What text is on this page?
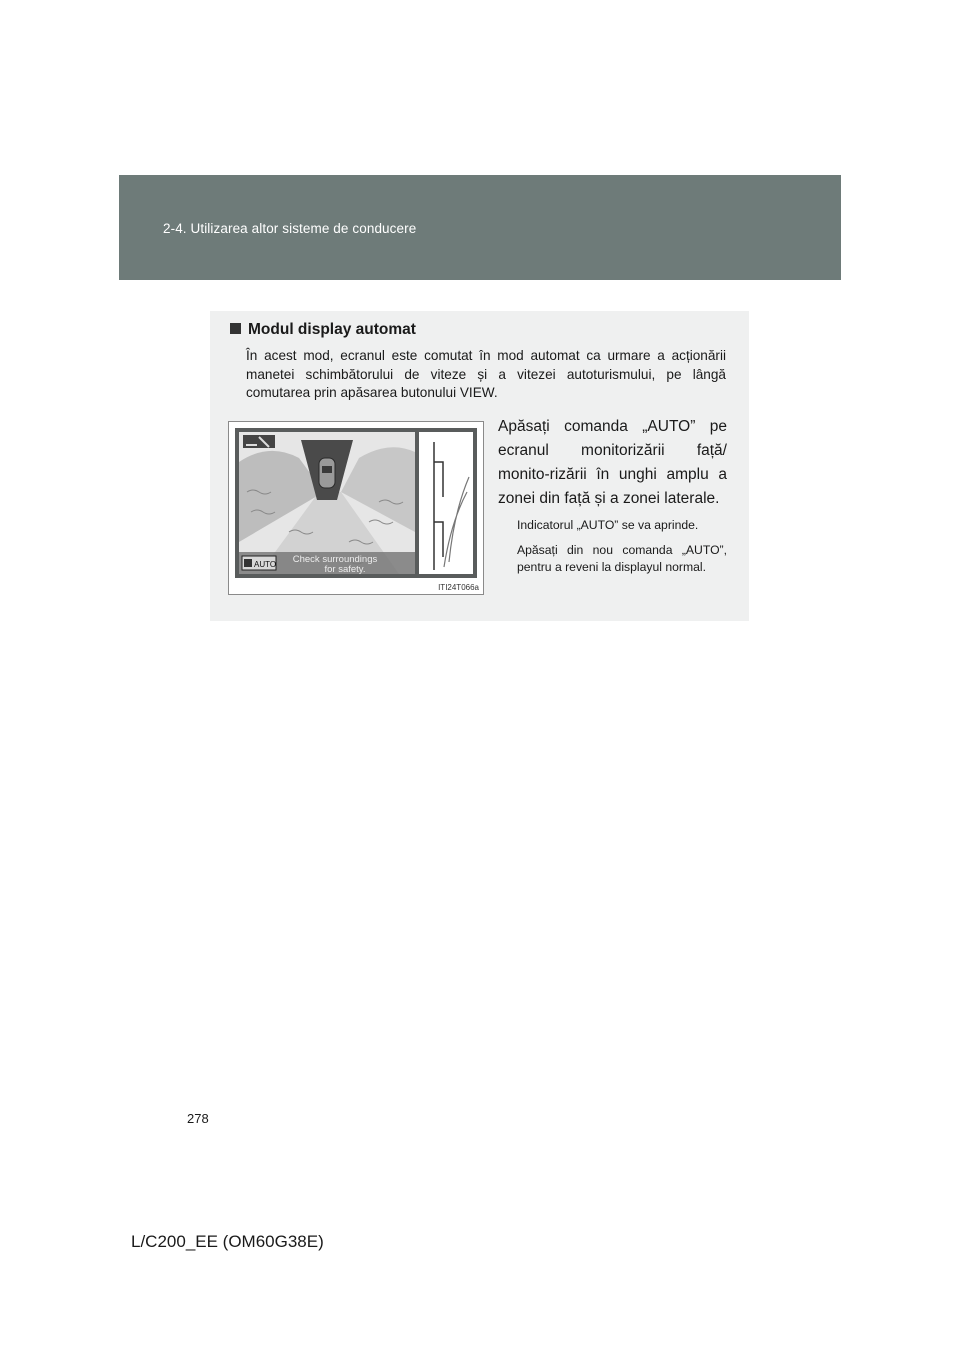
2-4. Utilizarea altor sisteme de conducere
Modul display automat
În acest mod, ecranul este comutat în mod automat ca urmare a acționării manetei schimbătorului de viteze și a vitezei autoturismului, pe lângă comutarea prin apăsarea butonului VIEW.
Check surroundings
for safety.
AUTO
ITI24T066a
Apăsați comanda „AUTO” pe ecranul monitorizării față/ monito-rizării în unghi amplu a zonei din față și a zonei laterale.
Indicatorul „AUTO” se va aprinde.
Apăsați din nou comanda „AUTO”, pentru a reveni la displayul normal.
278
L/C200_EE (OM60G38E)
